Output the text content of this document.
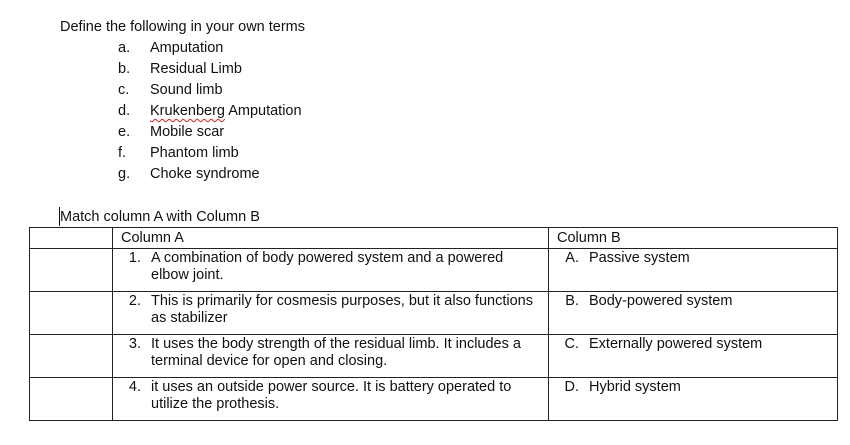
Define the following in your own terms
a.	Amputation
b.	Residual Limb
c.	Sound limb
d.	Krukenberg Amputation
e.	Mobile scar
f.	Phantom limb
g.	Choke syndrome
Match column A with Column B
	Column A	Column B

	1. A combination of body powered system and a powered elbow joint.	A. Passive system

	2. This is primarily for cosmesis purposes, but it also functions as stabilizer	B. Body-powered system

	3. It uses the body strength of the residual limb. It includes a terminal device for open and closing.	C. Externally powered system

	4. it uses an outside power source. It is battery operated to utilize the prothesis.	D. Hybrid system
